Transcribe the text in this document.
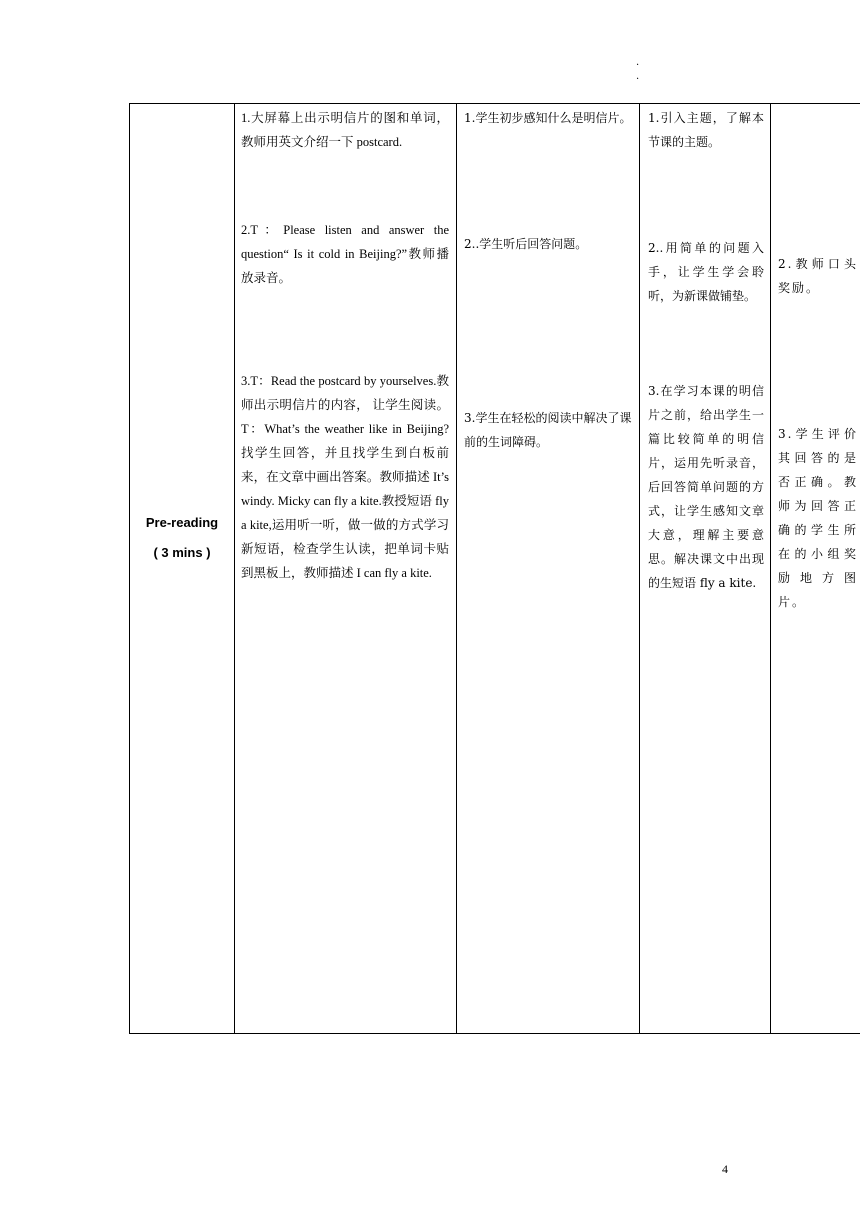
.
.
Pre-reading
( 3 mins )

1.大屏幕上出示明信片的图和单词，教师用英文介绍一下 postcard.
2.T：Please listen and answer the question“ Is it cold in Beijing?”教师播放录音。
3.T：Read the postcard by yourselves.教师出示明信片的内容， 让学生阅读。T：What’s the weather like in Beijing?找学生回答，并且找学生到白板前来，在文章中画出答案。教师描述 It’s windy. Micky can fly a kite.教授短语 fly a kite,运用听一听，做一做的方式学习新短语，检查学生认读，把单词卡贴到黑板上，教师描述 I can fly a kite.

1.学生初步感知什么是明信片。
2..学生听后回答问题。
3.学生在轻松的阅读中解决了课前的生词障碍。

1.引入主题，了解本节课的主题。
2..用简单的问题入手，让学生学会聆听，为新课做铺垫。
3.在学习本课的明信片之前，给出学生一篇比较简单的明信片，运用先听录音，后回答简单问题的方式，让学生感知文章大意，理解主要意思。解决课文中出现的生短语 fly a kite.

2.教师口头奖励。
3.学生评价其回答的是否正确。教师为回答正确的学生所在的小组奖励地方图片。
4
